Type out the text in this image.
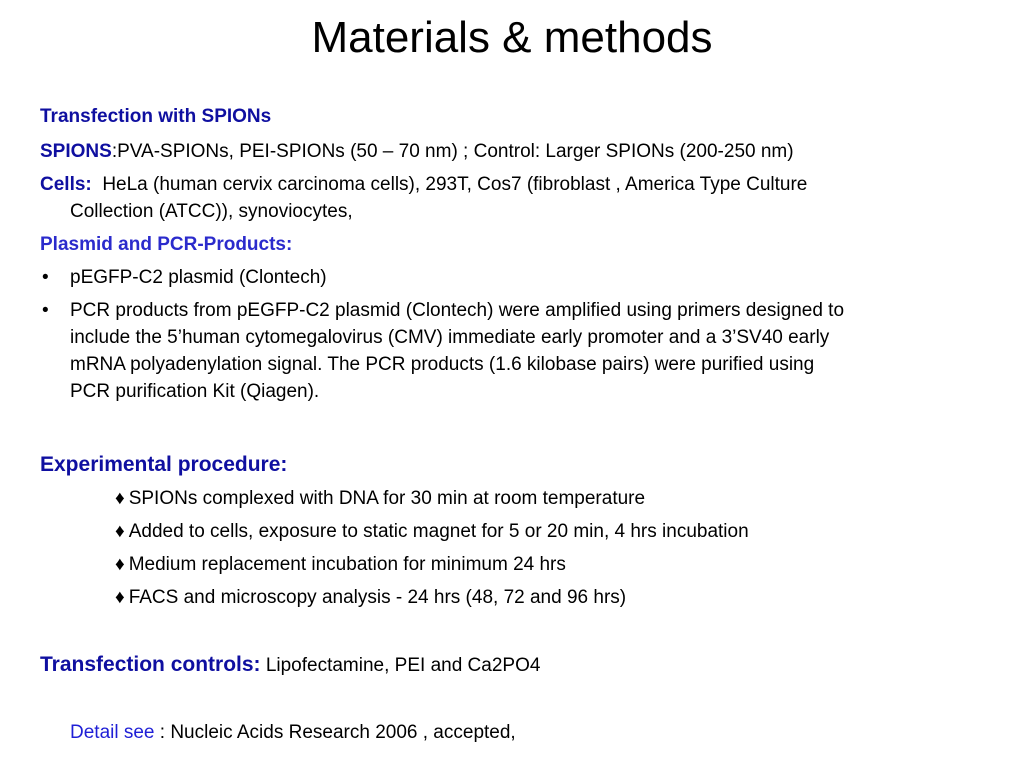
Materials & methods
Transfection with SPIONs
SPIONS:PVA-SPIONs, PEI-SPIONs (50 – 70 nm) ; Control: Larger SPIONs (200-250 nm)
Cells: HeLa (human cervix carcinoma cells), 293T, Cos7 (fibroblast , America Type Culture
Collection (ATCC)), synoviocytes,
Plasmid and PCR-Products:
• pEGFP-C2 plasmid (Clontech)
• PCR products from pEGFP-C2 plasmid (Clontech) were amplified using primers designed to
include the 5’human cytomegalovirus (CMV) immediate early promoter and a 3’SV40 early
mRNA polyadenylation signal. The PCR products (1.6 kilobase pairs) were purified using
PCR purification Kit (Qiagen).
Experimental procedure:
♦ SPIONs complexed with DNA for 30 min at room temperature
♦ Added to cells, exposure to static magnet for 5 or 20 min, 4 hrs incubation
♦ Medium replacement incubation for minimum 24 hrs
♦ FACS and microscopy analysis - 24 hrs (48, 72 and 96 hrs)
Transfection controls: Lipofectamine, PEI and Ca2PO4
Detail see : Nucleic Acids Research 2006 , accepted,
